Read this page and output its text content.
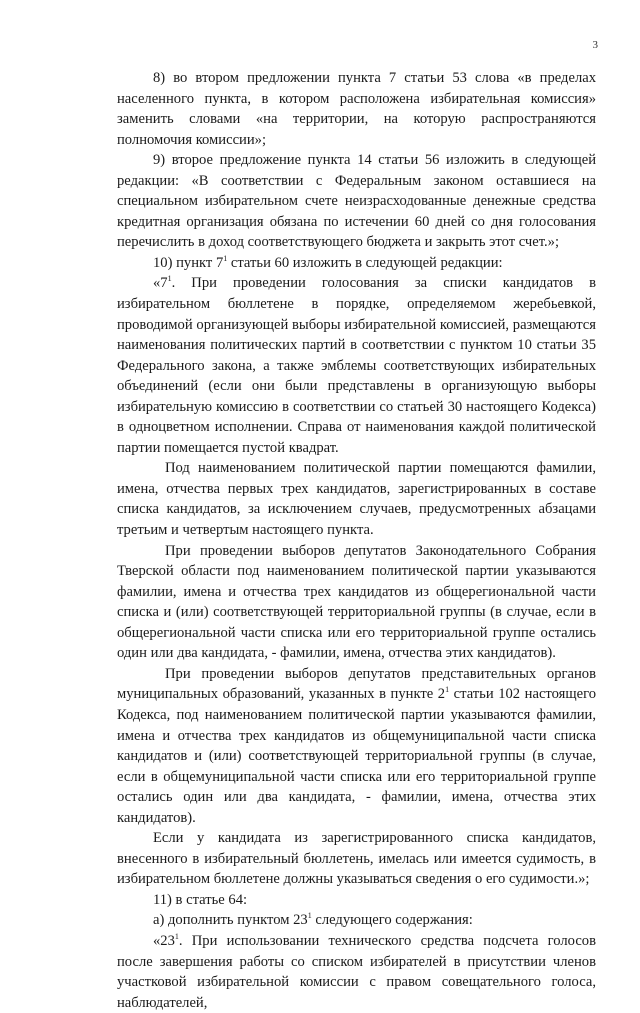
3

8) во втором предложении пункта 7 статьи 53 слова «в пределах населенного пункта, в котором расположена избирательная комиссия» заменить словами «на территории, на которую распространяются полномочия комиссии»;

9) второе предложение пункта 14 статьи 56 изложить в следующей редакции: «В соответствии с Федеральным законом оставшиеся на специальном избирательном счете неизрасходованные денежные средства кредитная организация обязана по истечении 60 дней со дня голосования перечислить в доход соответствующего бюджета и закрыть этот счет.»;

10) пункт $7^1$ статьи 60 изложить в следующей редакции:

«$7^1$. При проведении голосования за списки кандидатов в избирательном бюллетене в порядке, определяемом жеребьевкой, проводимой организующей выборы избирательной комиссией, размещаются наименования политических партий в соответствии с пунктом 10 статьи 35 Федерального закона, а также эмблемы соответствующих избирательных объединений (если они были представлены в организующую выборы избирательную комиссию в соответствии со статьей 30 настоящего Кодекса) в одноцветном исполнении. Справа от наименования каждой политической партии помещается пустой квадрат.

Под наименованием политической партии помещаются фамилии, имена, отчества первых трех кандидатов, зарегистрированных в составе списка кандидатов, за исключением случаев, предусмотренных абзацами третьим и четвертым настоящего пункта.

При проведении выборов депутатов Законодательного Собрания Тверской области под наименованием политической партии указываются фамилии, имена и отчества трех кандидатов из общерегиональной части списка и (или) соответствующей территориальной группы (в случае, если в общерегиональной части списка или его территориальной группе остались один или два кандидата, - фамилии, имена, отчества этих кандидатов).

При проведении выборов депутатов представительных органов муниципальных образований, указанных в пункте $2^1$ статьи 102 настоящего Кодекса, под наименованием политической партии указываются фамилии, имена и отчества трех кандидатов из общемуниципальной части списка кандидатов и (или) соответствующей территориальной группы (в случае, если в общемуниципальной части списка или его территориальной группе остались один или два кандидата, - фамилии, имена, отчества этих кандидатов).

Если у кандидата из зарегистрированного списка кандидатов, внесенного в избирательный бюллетень, имелась или имеется судимость, в избирательном бюллетене должны указываться сведения о его судимости.»;

11) в статье 64:

а) дополнить пунктом $23^1$ следующего содержания:

«$23^1$. При использовании технического средства подсчета голосов после завершения работы со списком избирателей в присутствии членов участковой избирательной комиссии с правом совещательного голоса, наблюдателей,
